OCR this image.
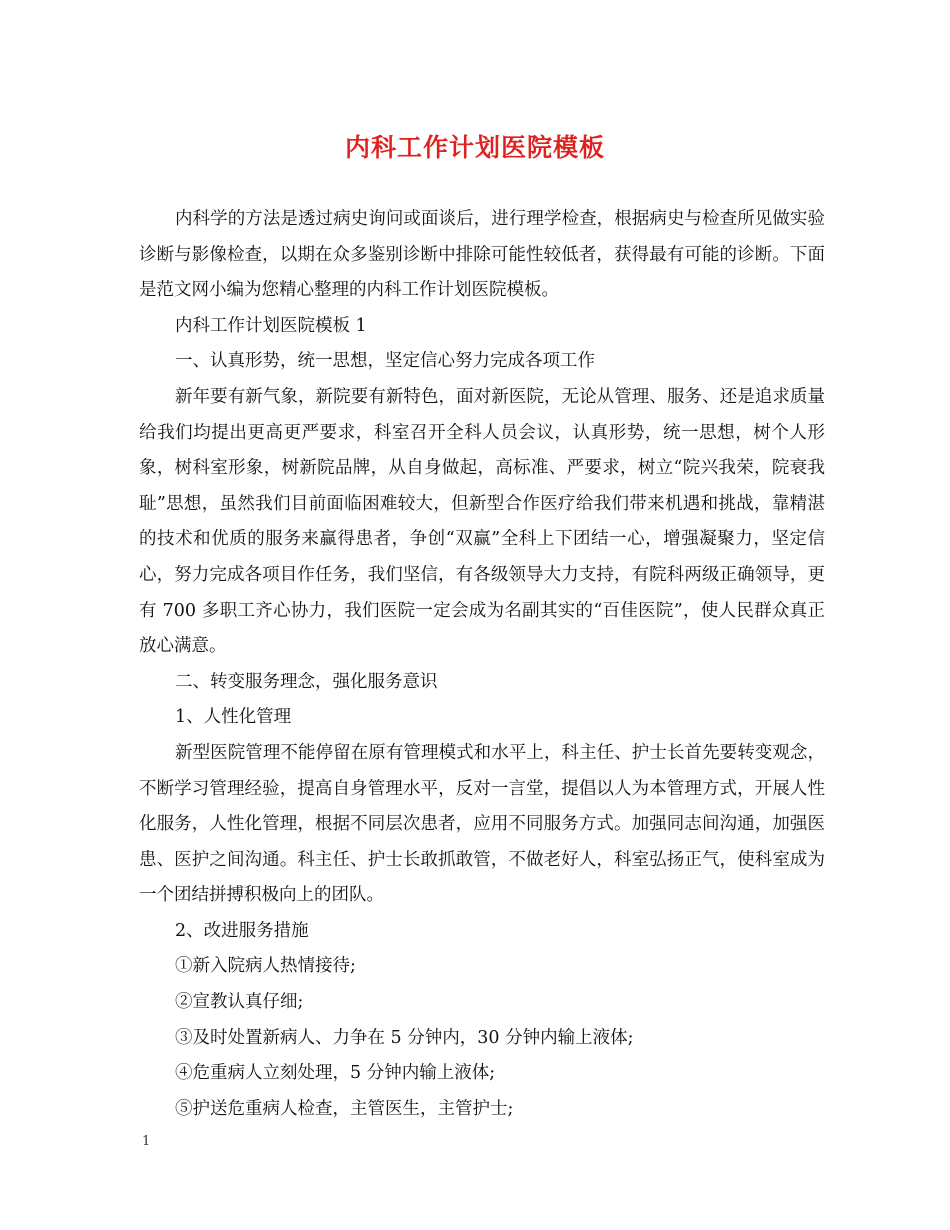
内科工作计划医院模板

内科学的方法是透过病史询问或面谈后，进行理学检查，根据病史与检查所见做实验诊断与影像检查，以期在众多鉴别诊断中排除可能性较低者，获得最有可能的诊断。下面是范文网小编为您精心整理的内科工作计划医院模板。

内科工作计划医院模板 1

一、认真形势，统一思想，坚定信心努力完成各项工作

新年要有新气象，新院要有新特色，面对新医院，无论从管理、服务、还是追求质量给我们均提出更高更严要求，科室召开全科人员会议，认真形势，统一思想，树个人形象，树科室形象，树新院品牌，从自身做起，高标准、严要求，树立“院兴我荣，院衰我耻”思想，虽然我们目前面临困难较大，但新型合作医疗给我们带来机遇和挑战，靠精湛的技术和优质的服务来赢得患者，争创“双赢”全科上下团结一心，增强凝聚力，坚定信心，努力完成各项目作任务，我们坚信，有各级领导大力支持，有院科两级正确领导，更有 700 多职工齐心协力，我们医院一定会成为名副其实的“百佳医院”，使人民群众真正放心满意。

二、转变服务理念，强化服务意识

1、人性化管理

新型医院管理不能停留在原有管理模式和水平上，科主任、护士长首先要转变观念，不断学习管理经验，提高自身管理水平，反对一言堂，提倡以人为本管理方式，开展人性化服务，人性化管理，根据不同层次患者，应用不同服务方式。加强同志间沟通，加强医患、医护之间沟通。科主任、护士长敢抓敢管，不做老好人，科室弘扬正气，使科室成为一个团结拼搏积极向上的团队。

2、改进服务措施

①新入院病人热情接待;

②宣教认真仔细;

③及时处置新病人、力争在 5 分钟内，30 分钟内输上液体;

④危重病人立刻处理，5 分钟内输上液体;

⑤护送危重病人检查，主管医生，主管护士;

1
